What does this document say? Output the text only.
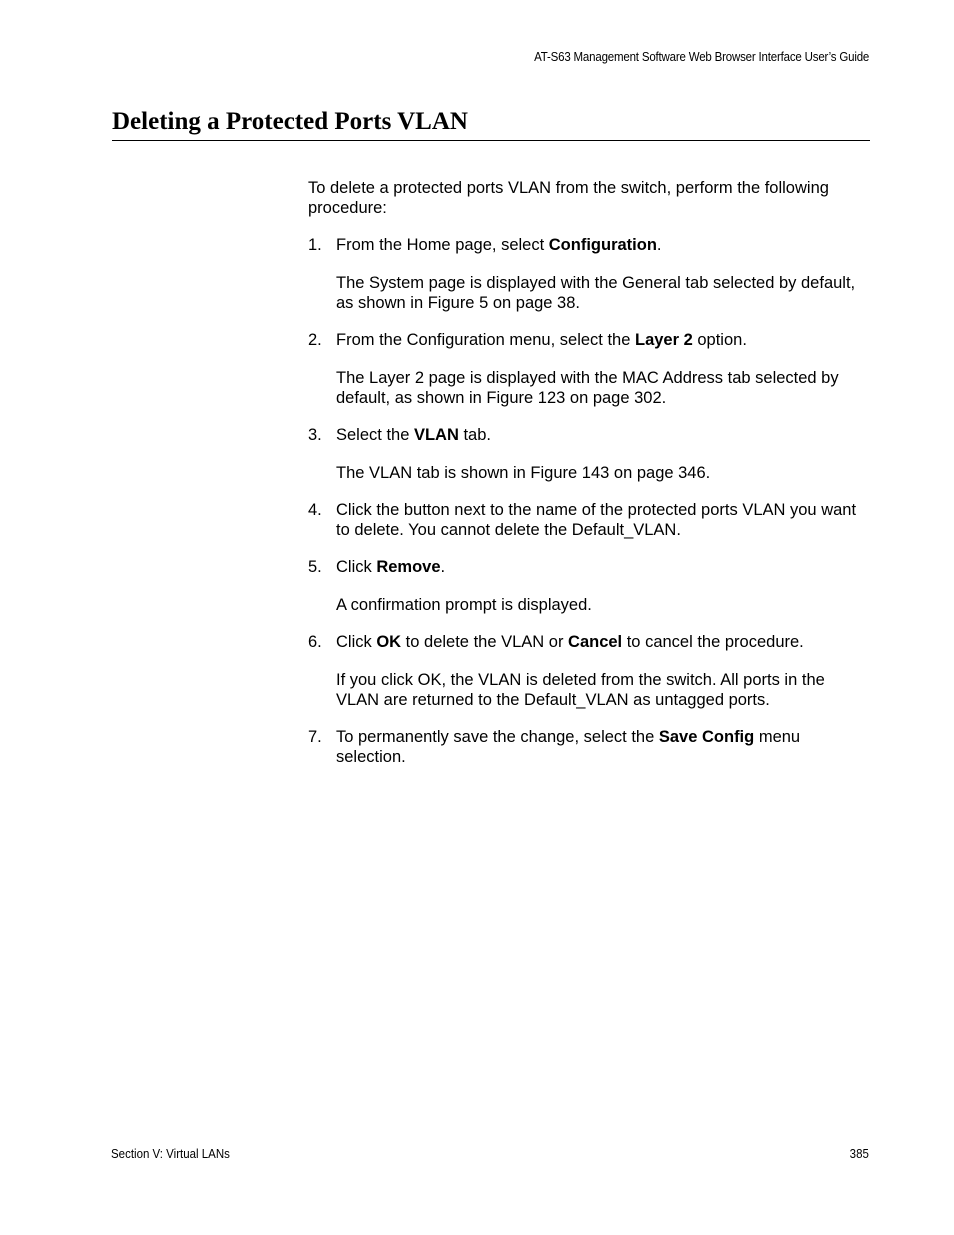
AT-S63 Management Software Web Browser Interface User’s Guide
Deleting a Protected Ports VLAN

To delete a protected ports VLAN from the switch, perform the following procedure:

1. From the Home page, select Configuration.

The System page is displayed with the General tab selected by default, as shown in Figure 5 on page 38.

2. From the Configuration menu, select the Layer 2 option.

The Layer 2 page is displayed with the MAC Address tab selected by default, as shown in Figure 123 on page 302.

3. Select the VLAN tab.

The VLAN tab is shown in Figure 143 on page 346.

4. Click the button next to the name of the protected ports VLAN you want to delete. You cannot delete the Default_VLAN.

5. Click Remove.

A confirmation prompt is displayed.

6. Click OK to delete the VLAN or Cancel to cancel the procedure.

If you click OK, the VLAN is deleted from the switch. All ports in the VLAN are returned to the Default_VLAN as untagged ports.

7. To permanently save the change, select the Save Config menu selection.

Section V: Virtual LANs	385
